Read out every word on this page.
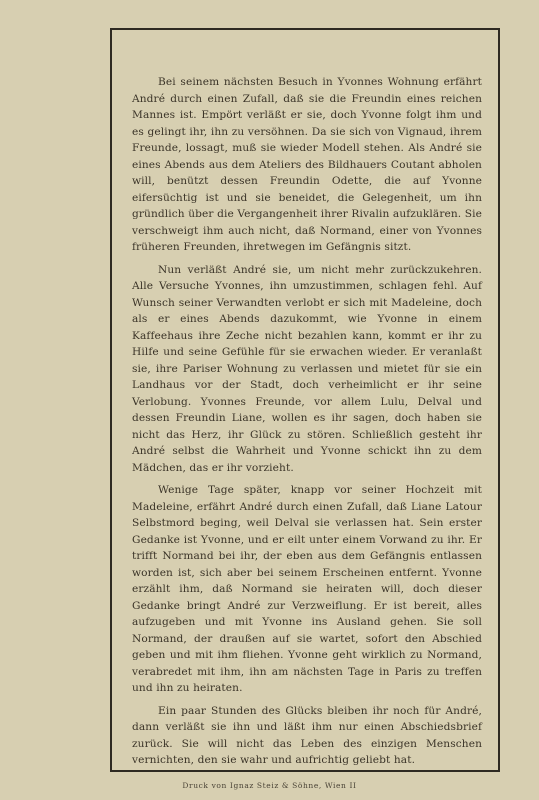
Bei seinem nächsten Besuch in Yvonnes Wohnung erfährt André durch einen Zufall, daß sie die Freundin eines reichen Mannes ist. Empört verläßt er sie, doch Yvonne folgt ihm und es gelingt ihr, ihn zu versöhnen. Da sie sich von Vignaud, ihrem Freunde, lossagt, muß sie wieder Modell stehen. Als André sie eines Abends aus dem Ateliers des Bildhauers Coutant abholen will, benützt dessen Freundin Odette, die auf Yvonne eifersüchtig ist und sie beneidet, die Gelegenheit, um ihn gründlich über die Vergangenheit ihrer Rivalin aufzuklären. Sie verschweigt ihm auch nicht, daß Normand, einer von Yvonnes früheren Freunden, ihretwegen im Gefängnis sitzt.

Nun verläßt André sie, um nicht mehr zurückzukehren. Alle Versuche Yvonnes, ihn umzustimmen, schlagen fehl. Auf Wunsch seiner Verwandten verlobt er sich mit Madeleine, doch als er eines Abends dazukommt, wie Yvonne in einem Kaffeehaus ihre Zeche nicht bezahlen kann, kommt er ihr zu Hilfe und seine Gefühle für sie erwachen wieder. Er veranlaßt sie, ihre Pariser Wohnung zu verlassen und mietet für sie ein Landhaus vor der Stadt, doch verheimlicht er ihr seine Verlobung. Yvonnes Freunde, vor allem Lulu, Delval und dessen Freundin Liane, wollen es ihr sagen, doch haben sie nicht das Herz, ihr Glück zu stören. Schließlich gesteht ihr André selbst die Wahrheit und Yvonne schickt ihn zu dem Mädchen, das er ihr vorzieht.

Wenige Tage später, knapp vor seiner Hochzeit mit Madeleine, erfährt André durch einen Zufall, daß Liane Latour Selbstmord beging, weil Delval sie verlassen hat. Sein erster Gedanke ist Yvonne, und er eilt unter einem Vorwand zu ihr. Er trifft Normand bei ihr, der eben aus dem Gefängnis entlassen worden ist, sich aber bei seinem Erscheinen entfernt. Yvonne erzählt ihm, daß Normand sie heiraten will, doch dieser Gedanke bringt André zur Verzweiflung. Er ist bereit, alles aufzugeben und mit Yvonne ins Ausland gehen. Sie soll Normand, der draußen auf sie wartet, sofort den Abschied geben und mit ihm fliehen. Yvonne geht wirklich zu Normand, verabredet mit ihm, ihn am nächsten Tage in Paris zu treffen und ihn zu heiraten.

Ein paar Stunden des Glücks bleiben ihr noch für André, dann verläßt sie ihn und läßt ihm nur einen Abschiedsbrief zurück. Sie will nicht das Leben des einzigen Menschen vernichten, den sie wahr und aufrichtig geliebt hat.

Druck von Ignaz Steiz & Söhne, Wien II
